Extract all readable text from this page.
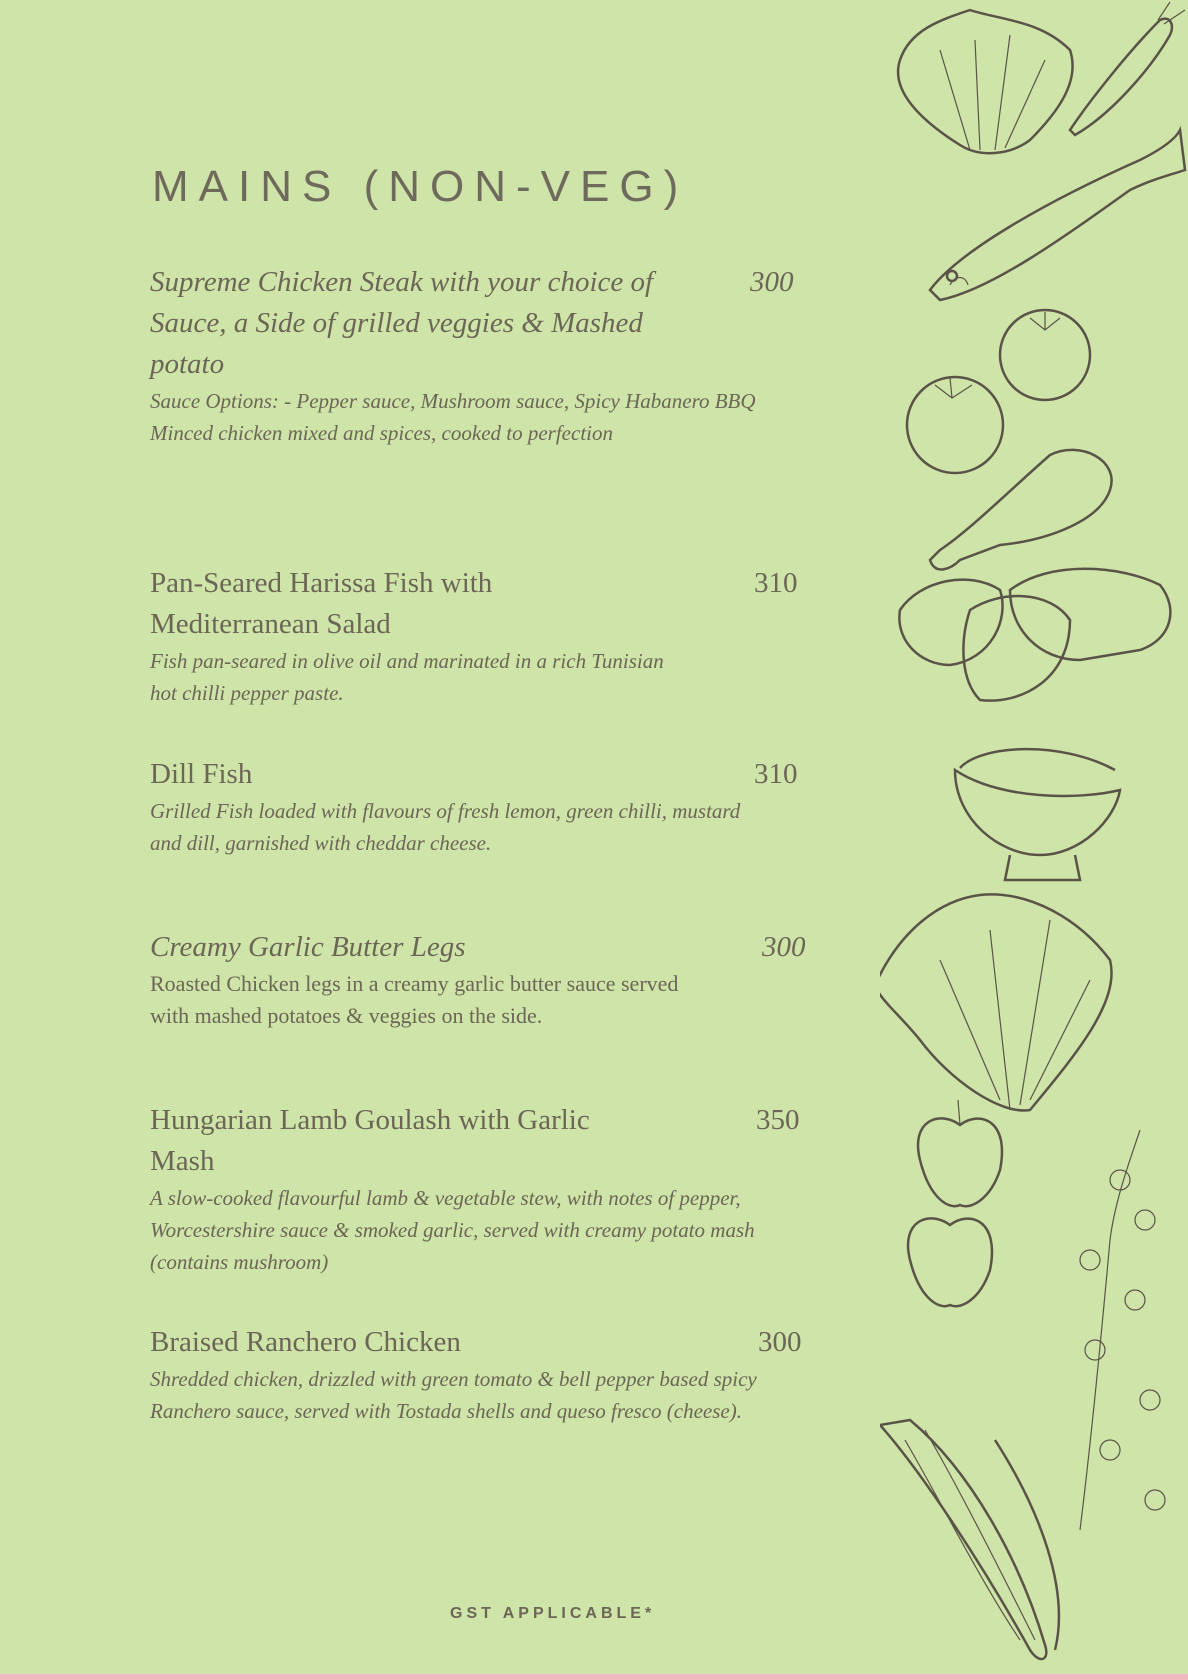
MAINS (NON-VEG)
Supreme Chicken Steak with your choice of Sauce, a Side of grilled veggies & Mashed potato
300
Sauce Options: - Pepper sauce, Mushroom sauce, Spicy Habanero BBQ
Minced chicken mixed and spices, cooked to perfection
Pan-Seared Harissa Fish with Mediterranean Salad
310
Fish pan-seared in olive oil and marinated in a rich Tunisian hot chilli pepper paste.
Dill Fish	310
Grilled Fish loaded with flavours of fresh lemon, green chilli, mustard and dill, garnished with cheddar cheese.
Creamy Garlic Butter Legs	300
Roasted Chicken legs in a creamy garlic butter sauce served with mashed potatoes & veggies on the side.
Hungarian Lamb Goulash with Garlic Mash
350
A slow-cooked flavourful lamb & vegetable stew, with notes of pepper, Worcestershire sauce & smoked garlic, served with creamy potato mash (contains mushroom)
Braised Ranchero Chicken	300
Shredded chicken, drizzled with green tomato & bell pepper based spicy Ranchero sauce, served with Tostada shells and queso fresco (cheese).
GST APPLICABLE*
